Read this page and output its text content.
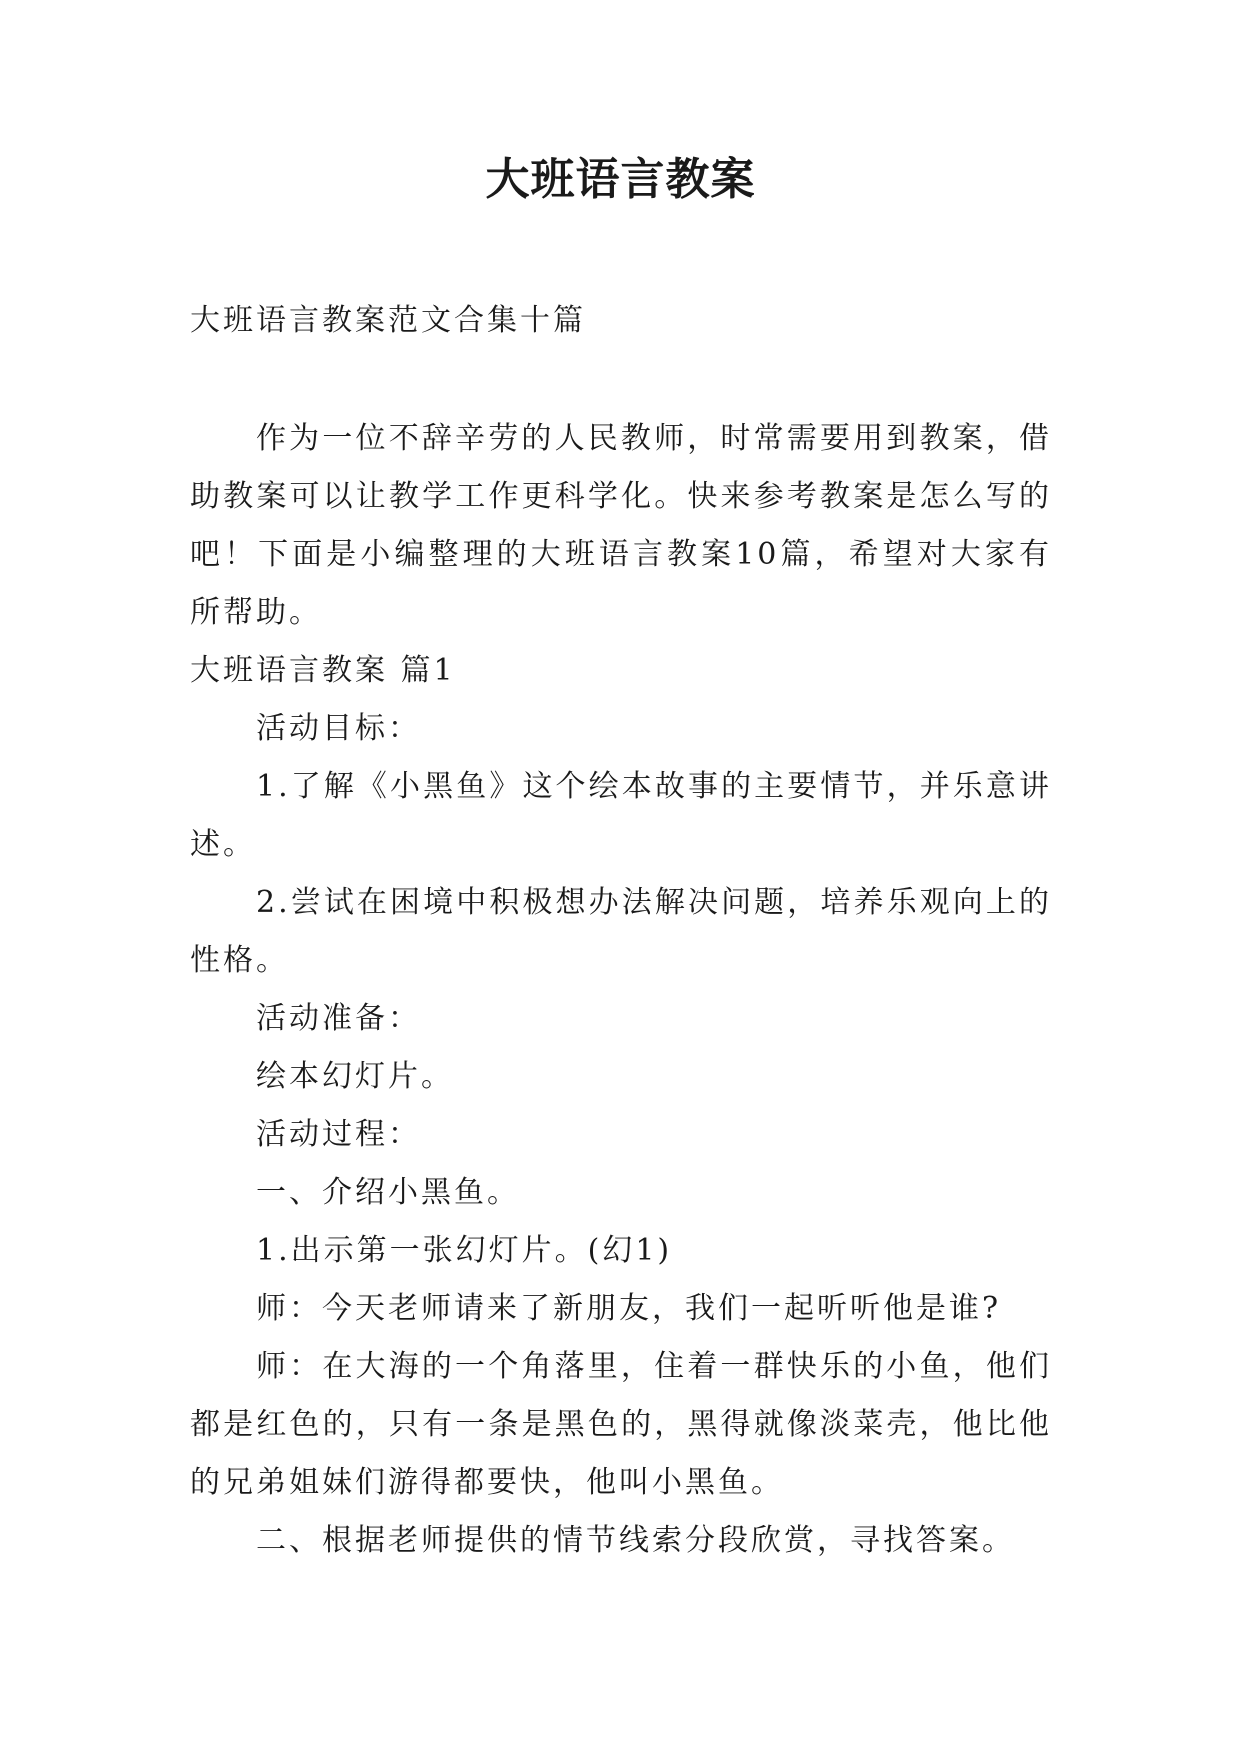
大班语言教案

大班语言教案范文合集十篇

作为一位不辞辛劳的人民教师，时常需要用到教案，借助教案可以让教学工作更科学化。快来参考教案是怎么写的吧！下面是小编整理的大班语言教案10篇，希望对大家有所帮助。

大班语言教案 篇1

活动目标：

1.了解《小黑鱼》这个绘本故事的主要情节，并乐意讲述。

2.尝试在困境中积极想办法解决问题，培养乐观向上的性格。

活动准备：

绘本幻灯片。

活动过程：

一、介绍小黑鱼。

1.出示第一张幻灯片。(幻1)

师：今天老师请来了新朋友，我们一起听听他是谁?

师：在大海的一个角落里，住着一群快乐的小鱼，他们都是红色的，只有一条是黑色的，黑得就像淡菜壳，他比他的兄弟姐妹们游得都要快，他叫小黑鱼。

二、根据老师提供的情节线索分段欣赏，寻找答案。
